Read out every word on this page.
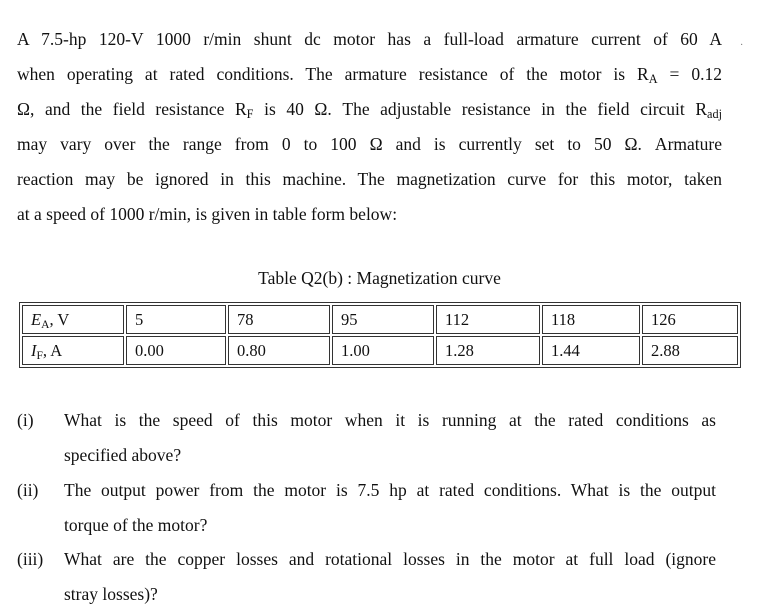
A 7.5-hp 120-V 1000 r/min shunt dc motor has a full-load armature current of 60 A
when operating at rated conditions. The armature resistance of the motor is $R_A = 0.12$
Ω, and the field resistance $R_F$ is 40 Ω. The adjustable resistance in the field circuit $R_{adj}$
may vary over the range from 0 to 100 Ω and is currently set to 50 Ω. Armature
reaction may be ignored in this machine. The magnetization curve for this motor, taken
at a speed of 1000 r/min, is given in table form below:
·
Table Q2(b) : Magnetization curve
$E_A$, V	5	78	95	112	118	126
$I_F$, A	0.00	0.80	1.00	1.28	1.44	2.88
(i) What is the speed of this motor when it is running at the rated conditions as
specified above?
(ii) The output power from the motor is 7.5 hp at rated conditions. What is the output
torque of the motor?
(iii) What are the copper losses and rotational losses in the motor at full load (ignore
stray losses)?
